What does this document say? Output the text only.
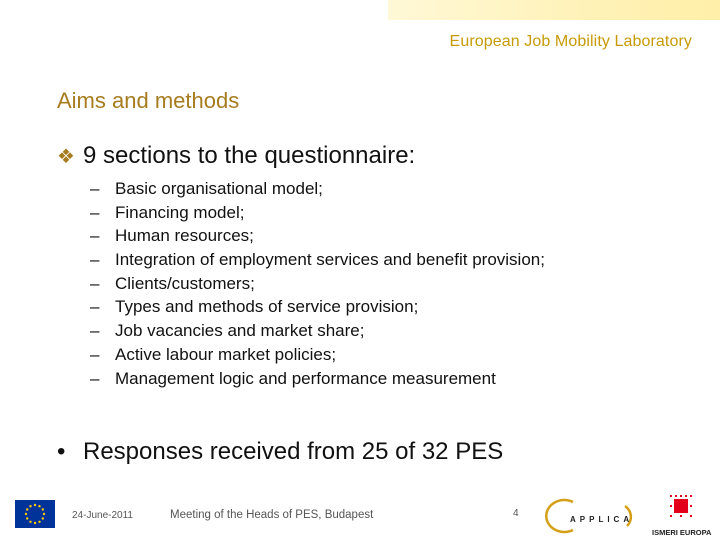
European Job Mobility Laboratory
Aims and methods
❖ 9 sections to the questionnaire:
– Basic organisational model;
– Financing model;
– Human resources;
– Integration of employment services and benefit provision;
– Clients/customers;
– Types and methods of service provision;
– Job vacancies and market share;
– Active labour market policies;
– Management logic and performance measurement
• Responses received from 25 of 32 PES
24-June-2011	Meeting of the Heads of PES, Budapest	4
APPLICA
ISMERI EUROPA
